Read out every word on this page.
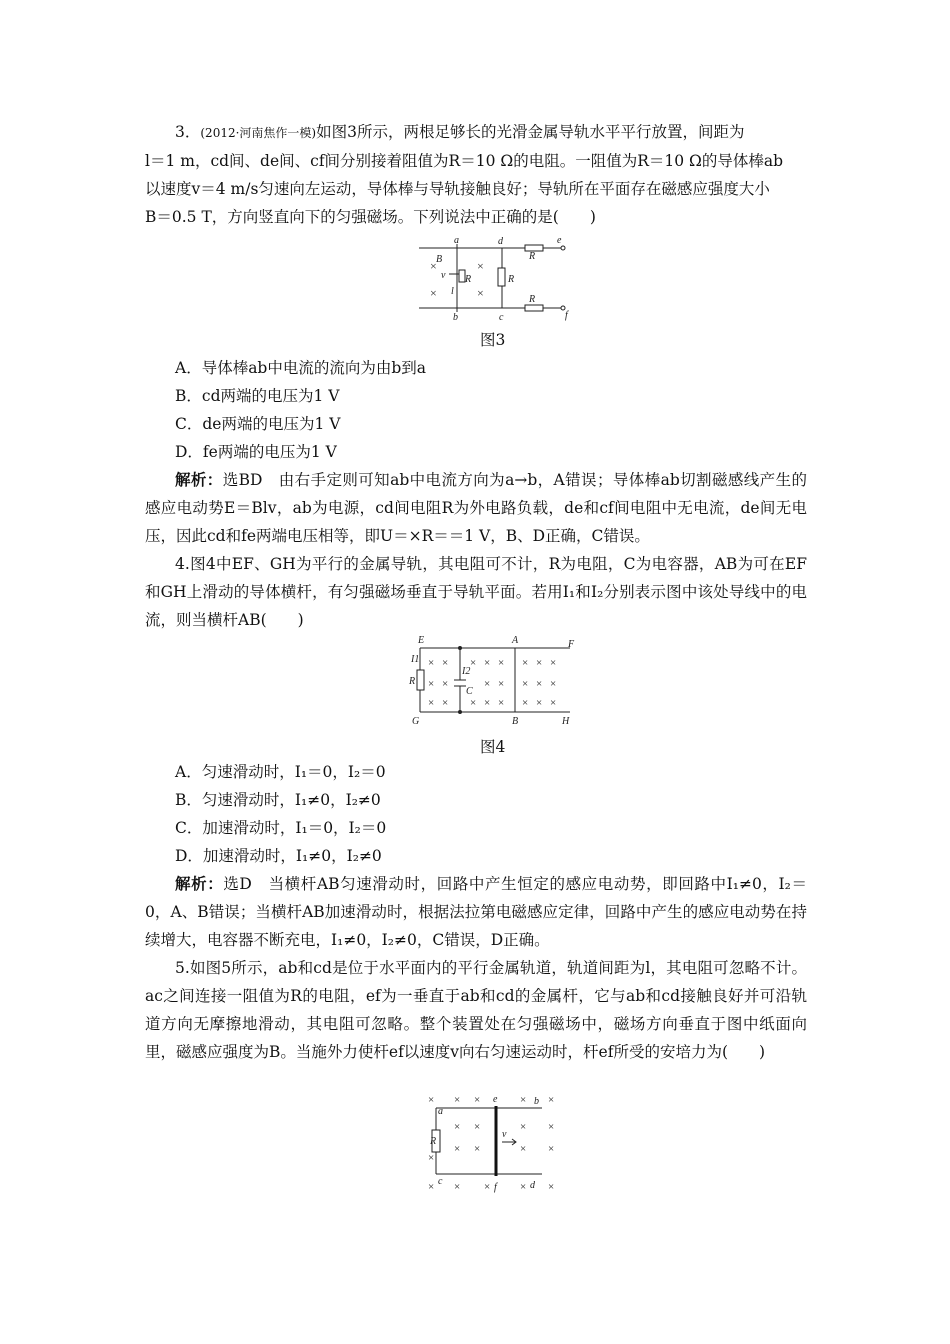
3．(2012·河南焦作一模)如图3所示，两根足够长的光滑金属导轨水平平行放置，间距为

l＝1 m，cd间、de间、cf间分别接着阻值为R＝10 Ω的电阻。一阻值为R＝10 Ω的导体棒ab

以速度v＝4 m/s匀速向左运动，导体棒与导轨接触良好；导轨所在平面存在磁感应强度大小

B＝0.5 T，方向竖直向下的匀强磁场。下列说法中正确的是(　　)

×
×
×
×
a
b	c
d	e
f
B
v
l
R	R
R
R
图3
A．导体棒ab中电流的流向为由b到a
B．cd两端的电压为1 V
C．de两端的电压为1 V
D．fe两端的电压为1 V

解析：选BD　由右手定则可知ab中电流方向为a→b，A错误；导体棒ab切割磁感线产生的感应电动势E＝Blv，ab为电源，cd间电阻R为外电路负载，de和cf间电阻中无电流，de间无电压，因此cd和fe两端电压相等，即U＝×R＝＝1 V，B、D正确，C错误。

4.图4中EF、GH为平行的金属导轨，其电阻可不计，R为电阻，C为电容器，AB为可在EF和GH上滑动的导体横杆，有匀强磁场垂直于导轨平面。若用I₁和I₂分别表示图中该处导线中的电流，则当横杆AB(　　)

× × × × × × × ×
× ×	× × × × ×
× × × × × × × ×
E	F
G	H
A
B
I1
I2
R
C
图4
A．匀速滑动时，I₁＝0，I₂＝0
B．匀速滑动时，I₁≠0，I₂≠0
C．加速滑动时，I₁＝0，I₂＝0
D．加速滑动时，I₁≠0，I₂≠0

解析：选D　当横杆AB匀速滑动时，回路中产生恒定的感应电动势，即回路中I₁≠0，I₂＝0，A、B错误；当横杆AB加速滑动时，根据法拉第电磁感应定律，回路中产生的感应电动势在持续增大，电容器不断充电，I₁≠0，I₂≠0，C错误，D正确。

5.如图5所示，ab和cd是位于水平面内的平行金属轨道，轨道间距为l，其电阻可忽略不计。ac之间连接一阻值为R的电阻，ef为一垂直于ab和cd的金属杆，它与ab和cd接触良好并可沿轨道方向无摩擦地滑动，其电阻可忽略。整个装置处在匀强磁场中，磁场方向垂直于图中纸面向里，磁感应强度为B。当施外力使杆ef以速度v向右匀速运动时，杆ef所受的安培力为(　　)

× × ×	× ×
× ×	× ×
× ×	× ×
×
× × ×	× ×
a
b
c	d
e
f
R
v
